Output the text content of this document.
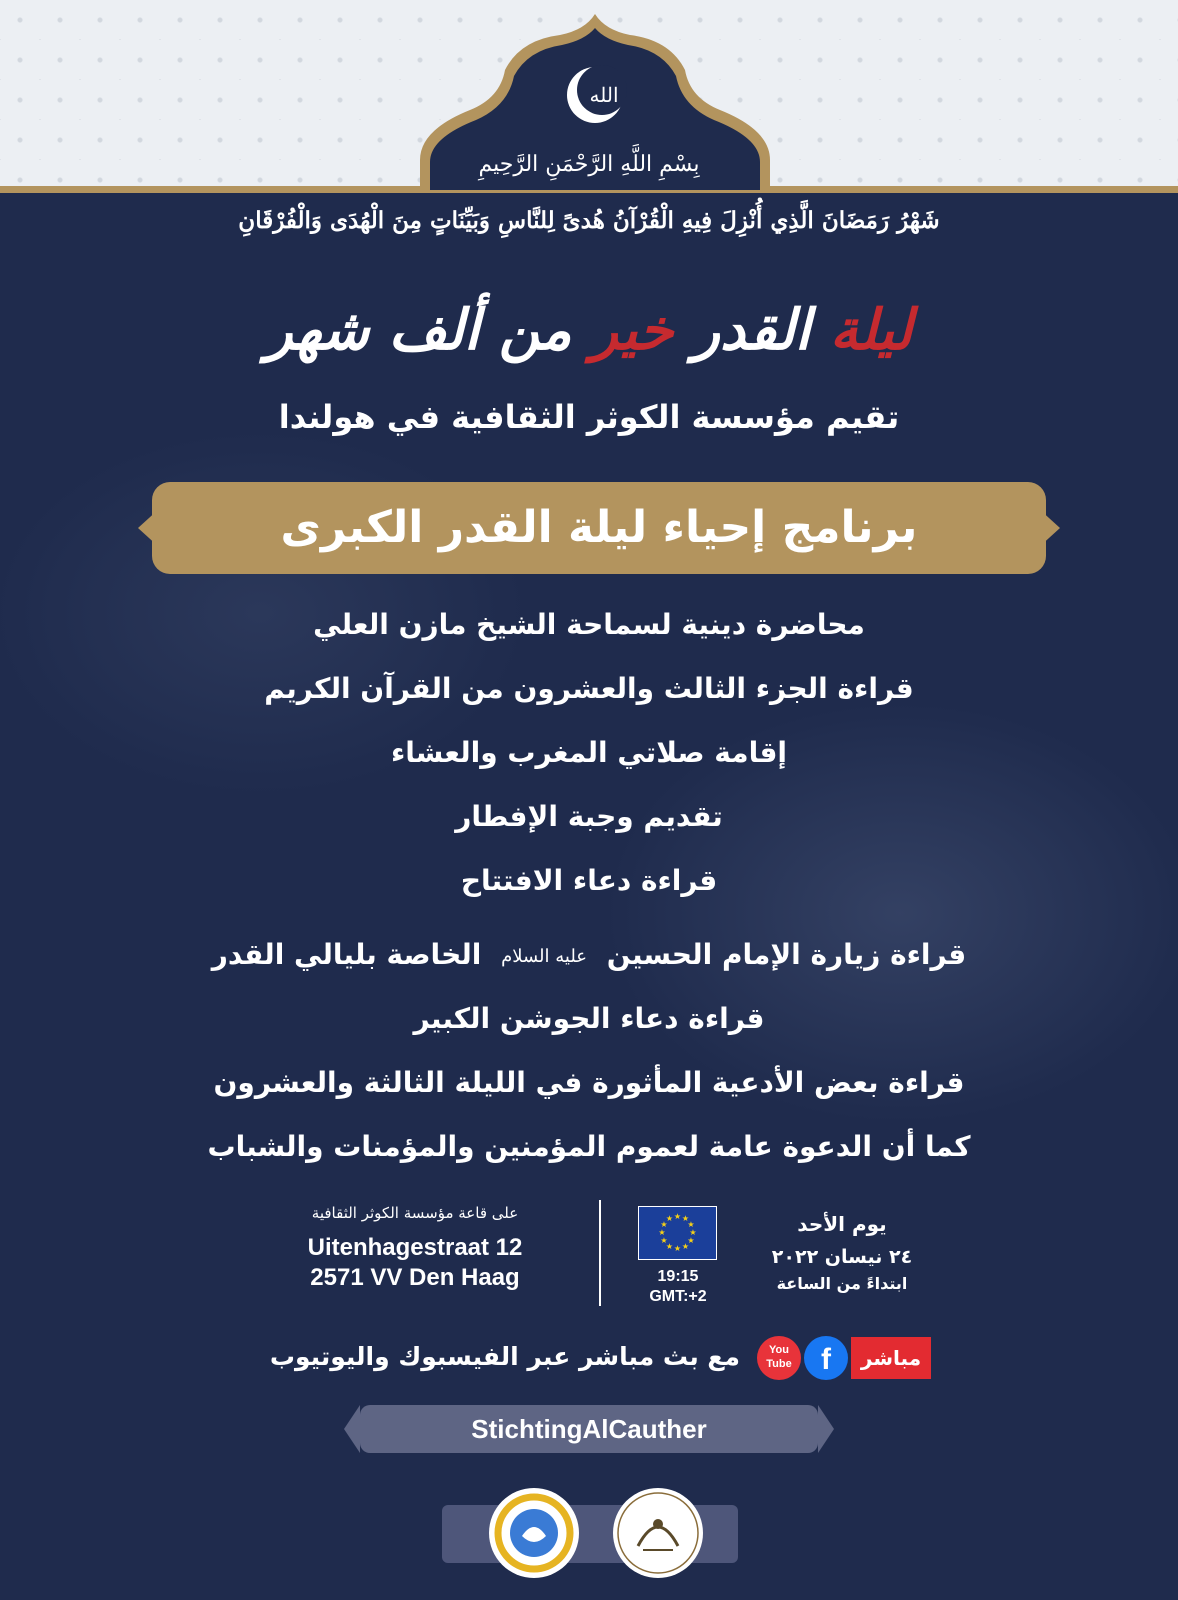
الله
بِسْمِ اللَّهِ الرَّحْمَنِ الرَّحِيمِ
شَهْرُ رَمَضَانَ الَّذِي أُنْزِلَ فِيهِ الْقُرْآنُ هُدىً لِلنَّاسِ وَبَيِّنَاتٍ مِنَ الْهُدَى وَالْفُرْقَانِ
ليلة القدر خير من ألف شهر
تقيم مؤسسة الكوثر الثقافية في هولندا
برنامج إحياء ليلة القدر الكبرى
محاضرة دينية لسماحة الشيخ مازن العلي
قراءة الجزء الثالث والعشرون من القرآن الكريم
إقامة صلاتي المغرب والعشاء
تقديم وجبة الإفطار
قراءة دعاء الافتتاح
قراءة زيارة الإمام الحسين عليه السلام الخاصة بليالي القدر
قراءة دعاء الجوشن الكبير
قراءة بعض الأدعية المأثورة في الليلة الثالثة والعشرون
كما أن الدعوة عامة لعموم المؤمنين والمؤمنات والشباب
على قاعة مؤسسة الكوثر الثقافية
Uitenhagestraat 12
2571 VV Den Haag
★ ★
★
★
★
★
★
★
★
★
★
★
19:15
GMT:+2
يوم الأحد
٢٤ نيسان ٢٠٢٢
ابتداءً من الساعة
مع بث مباشر عبر الفيسبوك واليوتيوب	You
Tube f	مباشر
StichtingAlCauther
